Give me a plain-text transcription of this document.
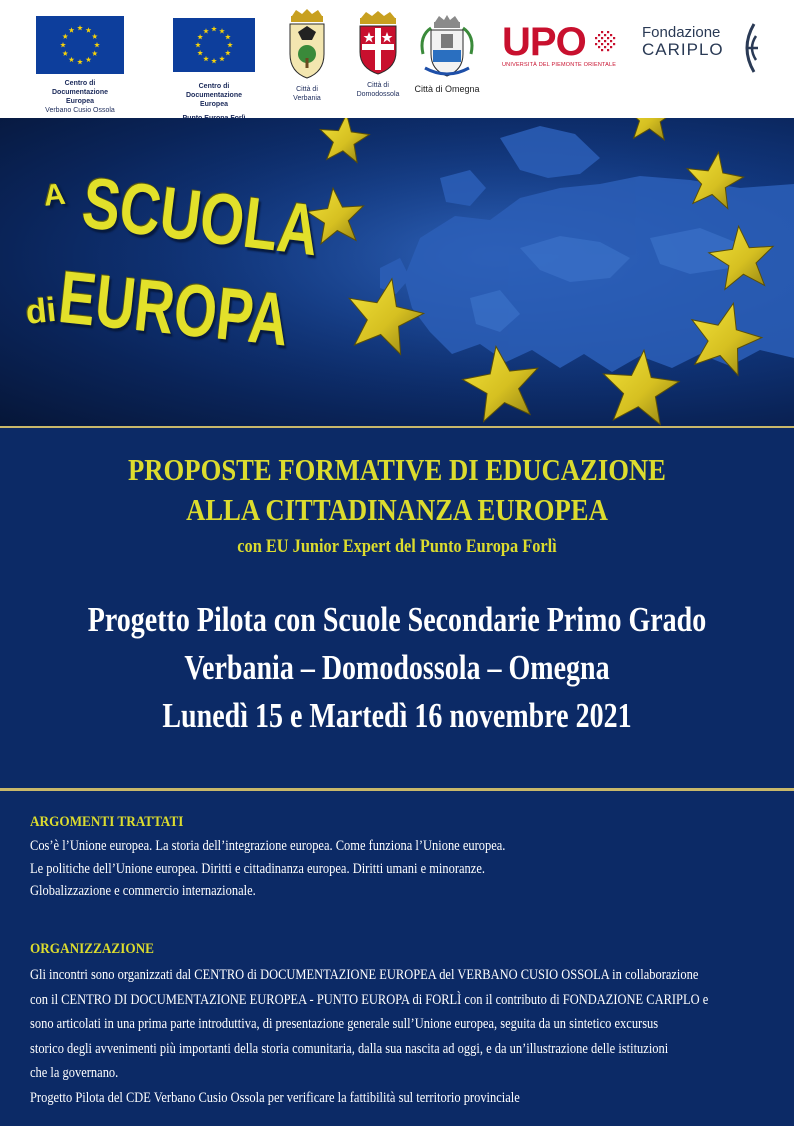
Centro di Documentazione
Europea
Verbano Cusio Ossola
Centro di
Documentazione Europea
Città di
Verbania
Città di
Domodossola
Città di Omegna
UPO
UNIVERSITÀ DEL PIEMONTE ORIENTALE
Fondazione
CARIPLO
A SCUOLA
di
EUROPA
PROPOSTE FORMATIVE DI EDUCAZIONE
ALLA CITTADINANZA EUROPEA
con EU Junior Expert del Punto Europa Forlì
Progetto Pilota con Scuole Secondarie Primo Grado
Verbania – Domodossola – Omegna
Lunedì 15 e Martedì 16 novembre 2021
ARGOMENTI TRATTATI
Cos’è l’Unione europea. La storia dell’integrazione europea. Come funziona l’Unione europea.
Le politiche dell’Unione europea. Diritti e cittadinanza europea. Diritti umani e minoranze.
Globalizzazione e commercio internazionale.
ORGANIZZAZIONE
Gli incontri sono organizzati dal CENTRO di DOCUMENTAZIONE EUROPEA del VERBANO CUSIO OSSOLA in collaborazione
con il CENTRO DI DOCUMENTAZIONE EUROPEA - PUNTO EUROPA di FORLÌ con il contributo di FONDAZIONE CARIPLO e
sono articolati in una prima parte introduttiva, di presentazione generale sull’Unione europea, seguita da un sintetico excursus
storico degli avvenimenti più importanti della storia comunitaria, dalla sua nascita ad oggi, e da un’illustrazione delle istituzioni
che la governano.
Progetto Pilota del CDE Verbano Cusio Ossola per verificare la fattibilità sul territorio provinciale
